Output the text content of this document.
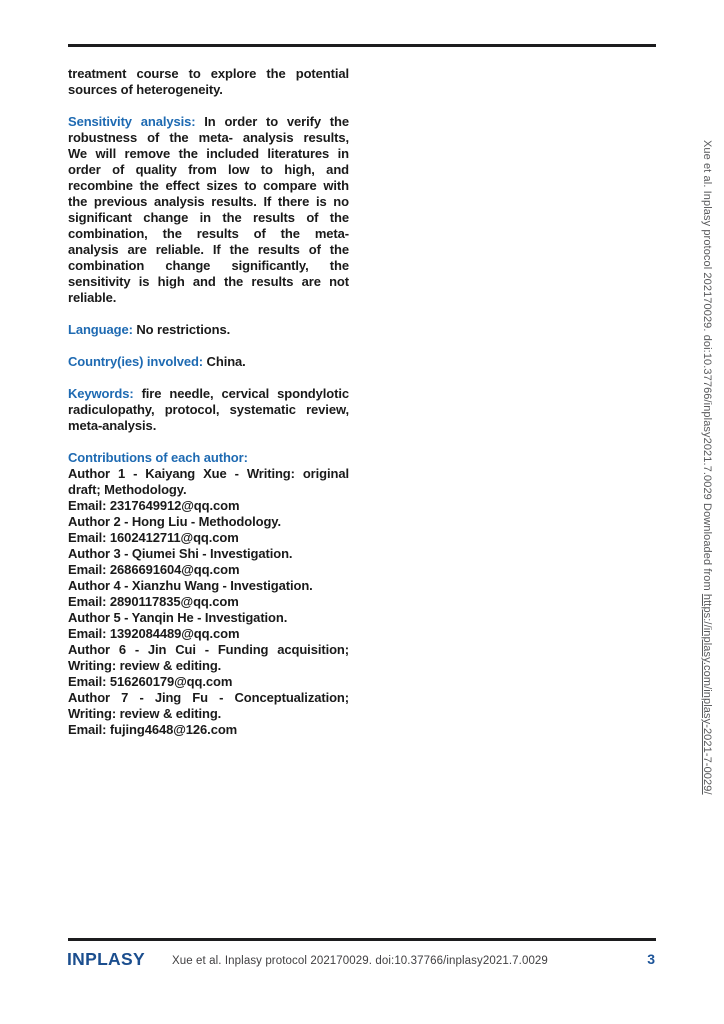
treatment course to explore the potential
sources of heterogeneity.
Sensitivity analysis: In order to verify the
robustness of the meta- analysis results,
We will remove the included literatures in
order of quality from low to high, and
recombine the effect sizes to compare with
the previous analysis results. If there is no
significant change in the results of the
combination, the results of the meta-
analysis are reliable. If the results of the
combination change significantly, the
sensitivity is high and the results are not
reliable.
Language: No restrictions.
Country(ies) involved: China.
Keywords: fire needle, cervical spondylotic
radiculopathy, protocol, systematic review,
meta-analysis.
Contributions of each author:
Author 1 - Kaiyang Xue - Writing: original
draft; Methodology.
Email: 2317649912@qq.com
Author 2 - Hong Liu - Methodology.
Email: 1602412711@qq.com
Author 3 - Qiumei Shi - Investigation.
Email: 2686691604@qq.com
Author 4 - Xianzhu Wang - Investigation.
Email: 2890117835@qq.com
Author 5 - Yanqin He - Investigation.
Email: 1392084489@qq.com
Author 6 - Jin Cui - Funding acquisition;
Writing: review & editing.
Email: 516260179@qq.com
Author 7 - Jing Fu - Conceptualization;
Writing: review & editing.
Email: fujing4648@126.com
Xue et al. Inplasy protocol 202170029. doi:10.37766/inplasy2021.7.0029 Downloaded from https://inplasy.com/inplasy-2021-7-0029/
INPLASY Xue et al. Inplasy protocol 202170029. doi:10.37766/inplasy2021.7.0029	3
